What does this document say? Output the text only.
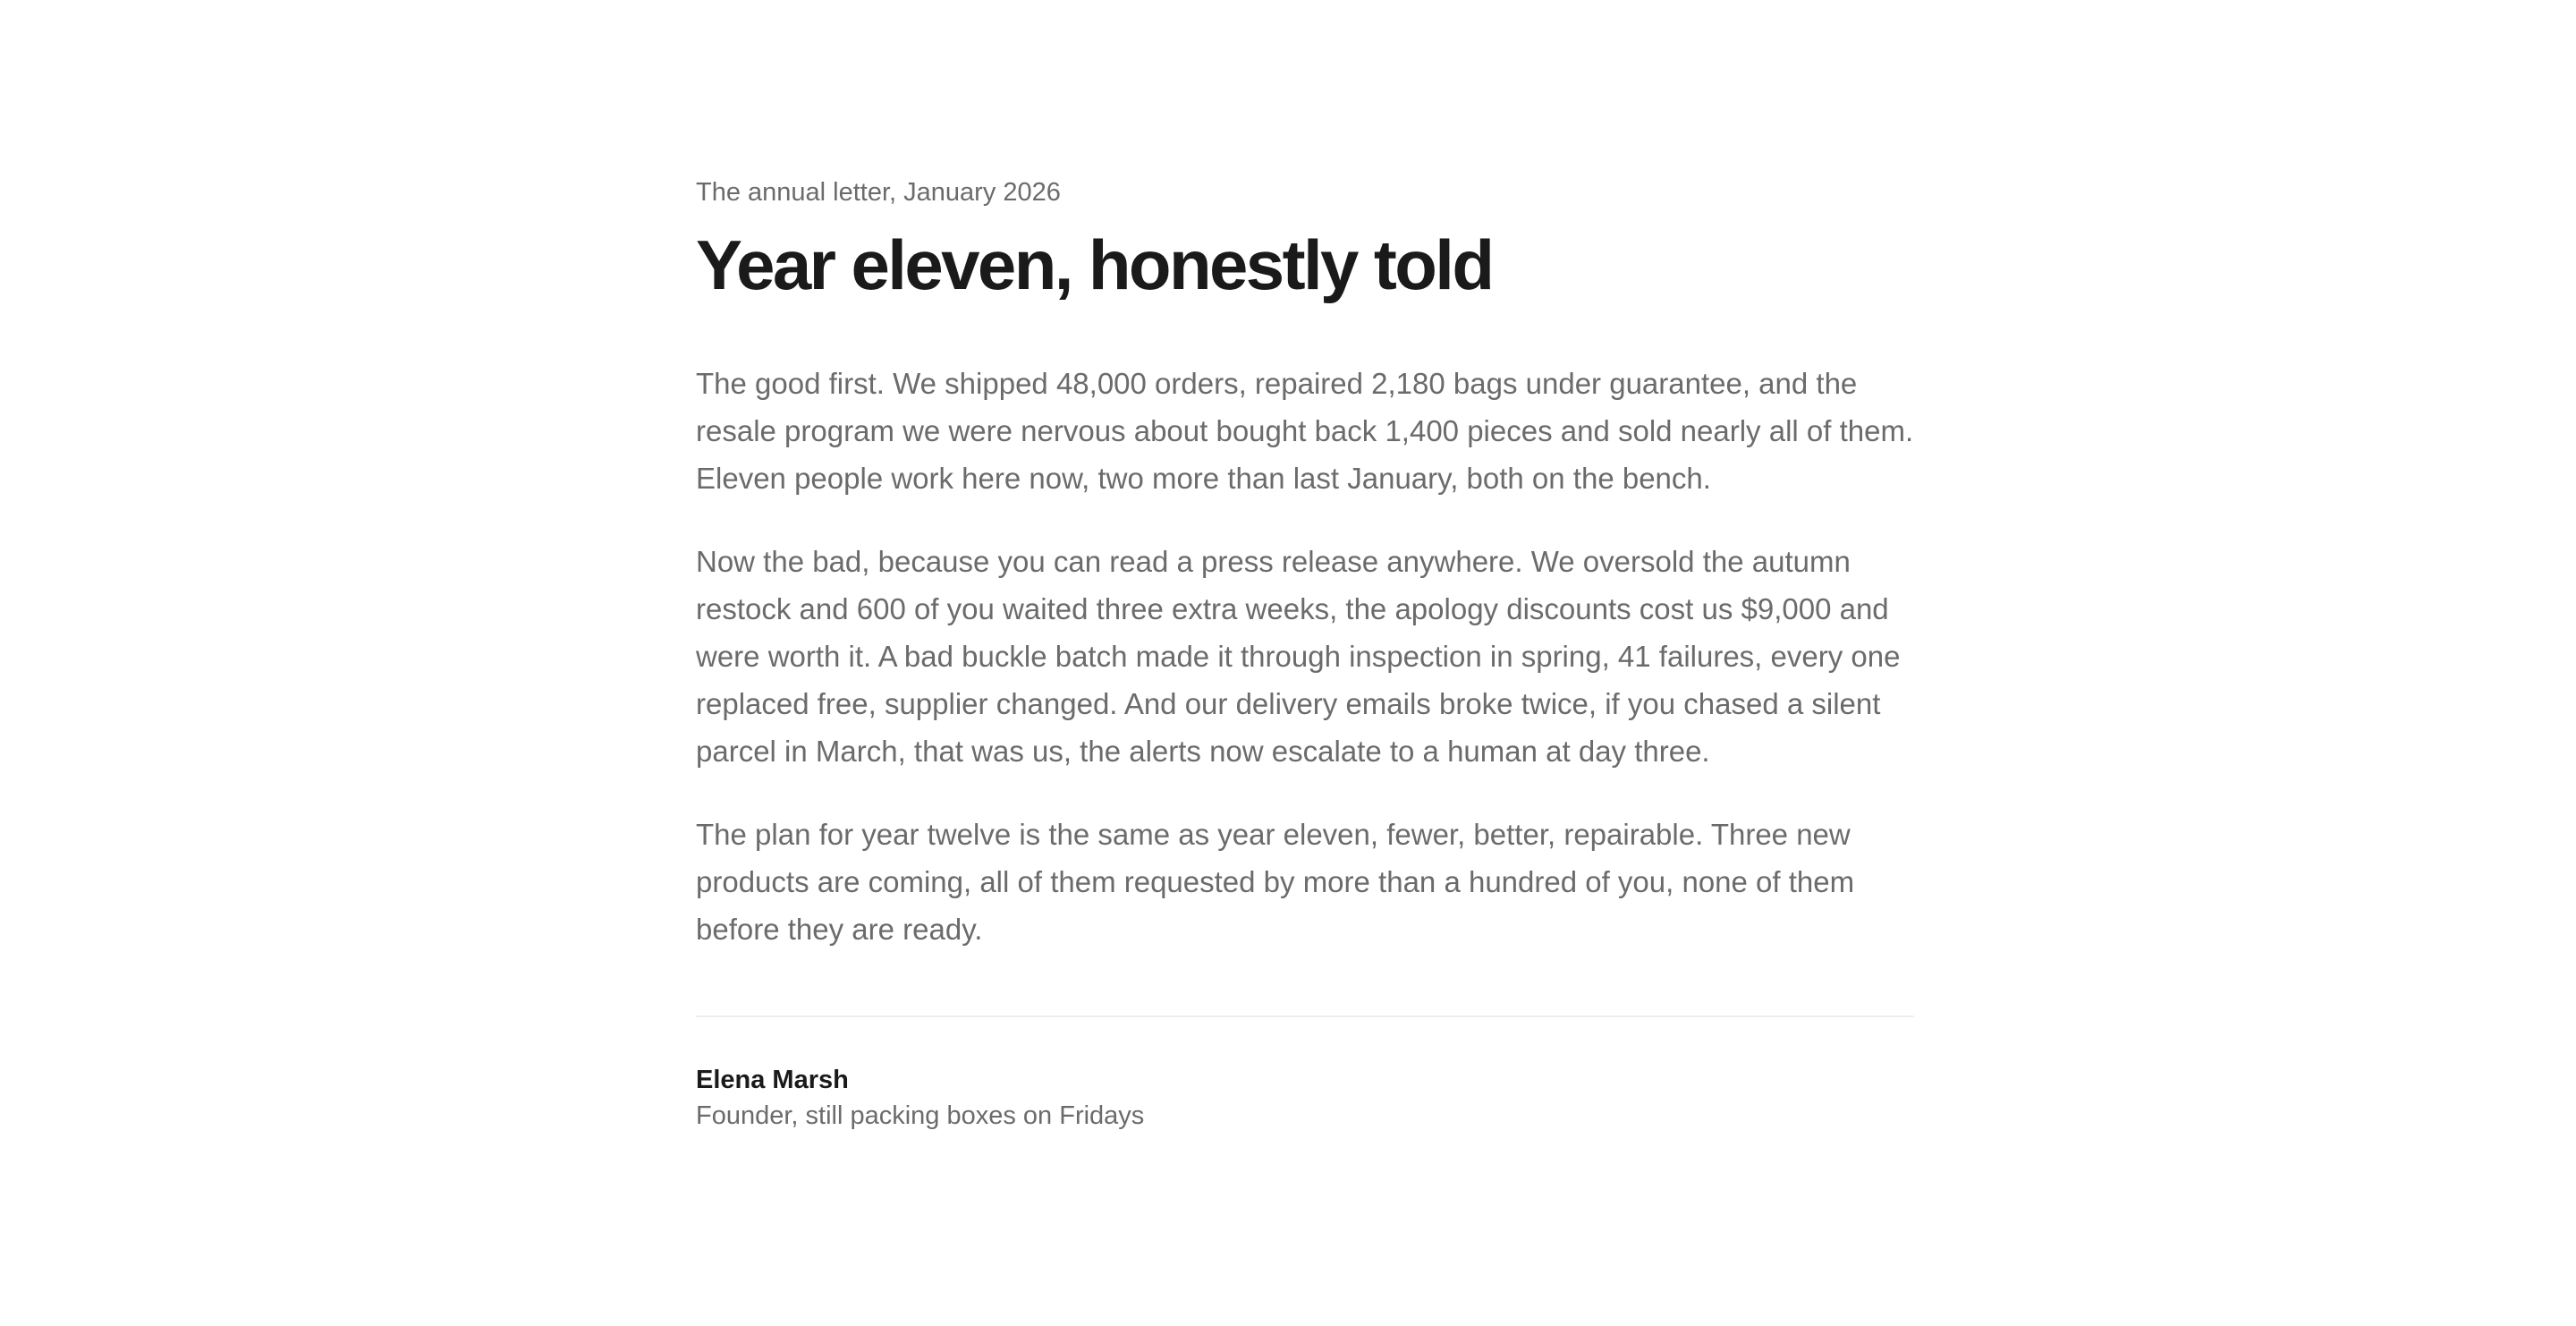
The annual letter, January 2026

Year eleven, honestly told

The good first. We shipped 48,000 orders, repaired 2,180 bags under guarantee, and the resale program we were nervous about bought back 1,400 pieces and sold nearly all of them. Eleven people work here now, two more than last January, both on the bench.

Now the bad, because you can read a press release anywhere. We oversold the autumn restock and 600 of you waited three extra weeks, the apology discounts cost us $9,000 and were worth it. A bad buckle batch made it through inspection in spring, 41 failures, every one replaced free, supplier changed. And our delivery emails broke twice, if you chased a silent parcel in March, that was us, the alerts now escalate to a human at day three.

The plan for year twelve is the same as year eleven, fewer, better, repairable. Three new products are coming, all of them requested by more than a hundred of you, none of them before they are ready.

Elena Marsh

Founder, still packing boxes on Fridays
